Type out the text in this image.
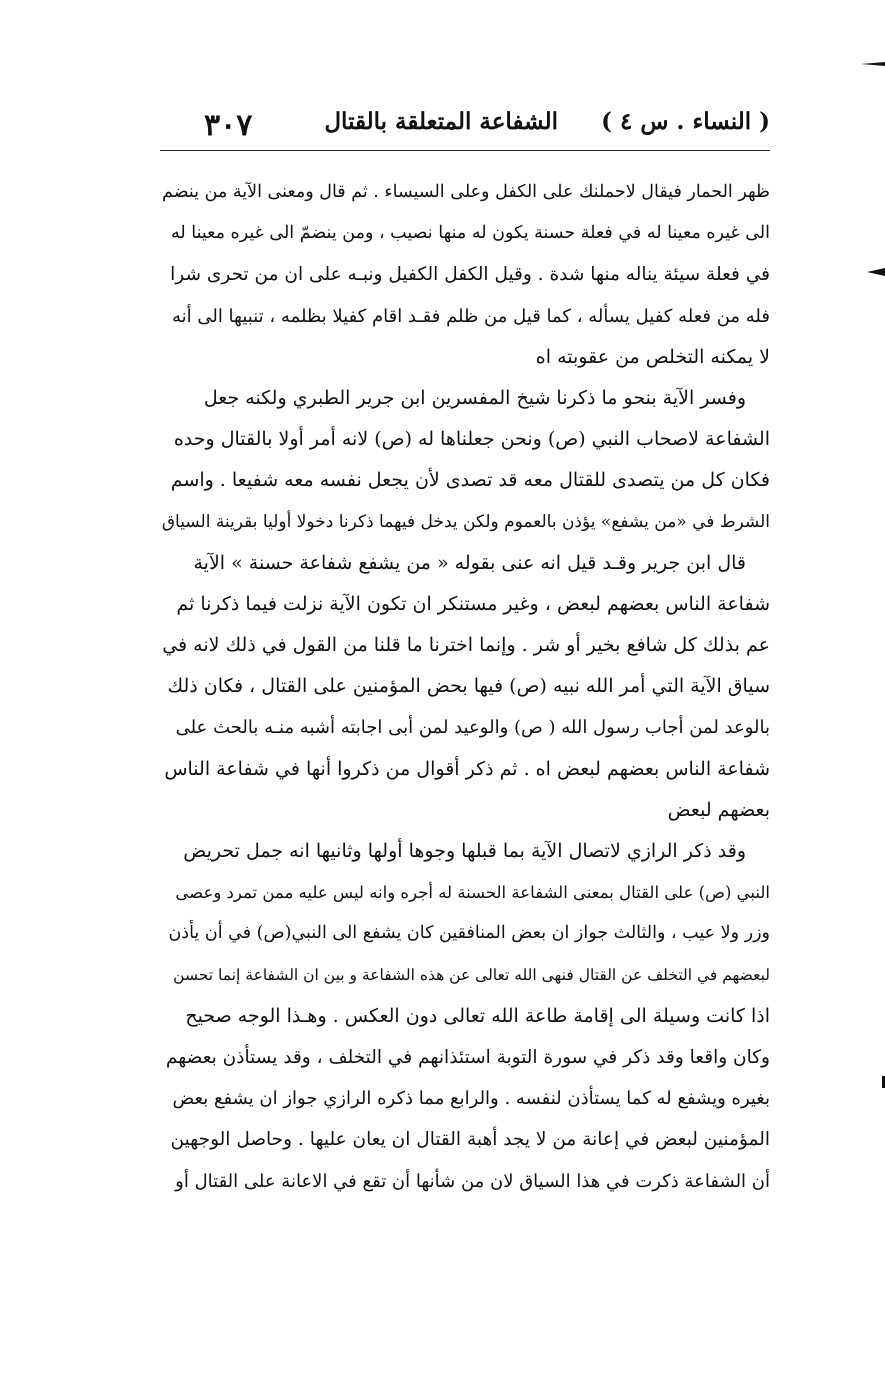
( النساء . س ٤ )
الشفاعة المتعلقة بالقتال
٣٠٧
ظهر الحمار فيقال لاحملنك على الكفل وعلى السيساء . ثم قال ومعنى الآية من ينضم
الى غيره معينا له في فعلة حسنة يكون له منها نصيب ، ومن ينضمّ الى غيره معينا له
في فعلة سيئة يناله منها شدة . وقيل الكفل الكفيل ونبـه على ان من تحرى شرا
فله من فعله كفيل يسأله ، كما قيل من ظلم فقـد اقام كفيلا بظلمه ، تنبيها الى أنه
لا يمكنه التخلص من عقوبته اه
وفسر الآية بنحو ما ذكرنا شيخ المفسرين ابن جرير الطبري ولكنه جعل
الشفاعة لاصحاب النبي (ص) ونحن جعلناها له (ص) لانه أمر أولا بالقتال وحده
فكان كل من يتصدى للقتال معه قد تصدى لأن يجعل نفسه معه شفيعا . واسم
الشرط في «من يشفع» يؤذن بالعموم ولكن يدخل فيهما ذكرنا دخولا أوليا بقرينة السياق
قال ابن جرير وقـد قيل انه عنى بقوله « من يشفع شفاعة حسنة » الآية
شفاعة الناس بعضهم لبعض ، وغير مستنكر ان تكون الآية نزلت فيما ذكرنا ثم
عم بذلك كل شافع بخير أو شر . وإنما اخترنا ما قلنا من القول في ذلك لانه في
سياق الآية التي أمر الله نبيه (ص) فيها بحض المؤمنين على القتال ، فكان ذلك
بالوعد لمن أجاب رسول الله ( ص) والوعيد لمن أبى اجابته أشبه منـه بالحث على
شفاعة الناس بعضهم لبعض اه . ثم ذكر أقوال من ذكروا أنها في شفاعة الناس
بعضهم لبعض
وقد ذكر الرازي لاتصال الآية بما قبلها وجوها أولها وثانيها انه جمل تحريض
النبي (ص) على القتال بمعنى الشفاعة الحسنة له أجره وانه ليس عليه ممن تمرد وعصى
وزر ولا عيب ، والثالث جواز ان بعض المنافقين كان يشفع الى النبي(ص) في أن يأذن
لبعضهم في التخلف عن القتال فنهى الله تعالى عن هذه الشفاعة و بين ان الشفاعة إنما تحسن
اذا كانت وسيلة الى إقامة طاعة الله تعالى دون العكس . وهـذا الوجه صحيح
وكان واقعا وقد ذكر في سورة التوبة استئذانهم في التخلف ، وقد يستأذن بعضهم
بغيره ويشفع له كما يستأذن لنفسه . والرابع مما ذكره الرازي جواز ان يشفع بعض
المؤمنين لبعض في إعانة من لا يجد أهبة القتال ان يعان عليها . وحاصل الوجهين
أن الشفاعة ذكرت في هذا السياق لان من شأنها أن تقع في الاعانة على القتال أو
